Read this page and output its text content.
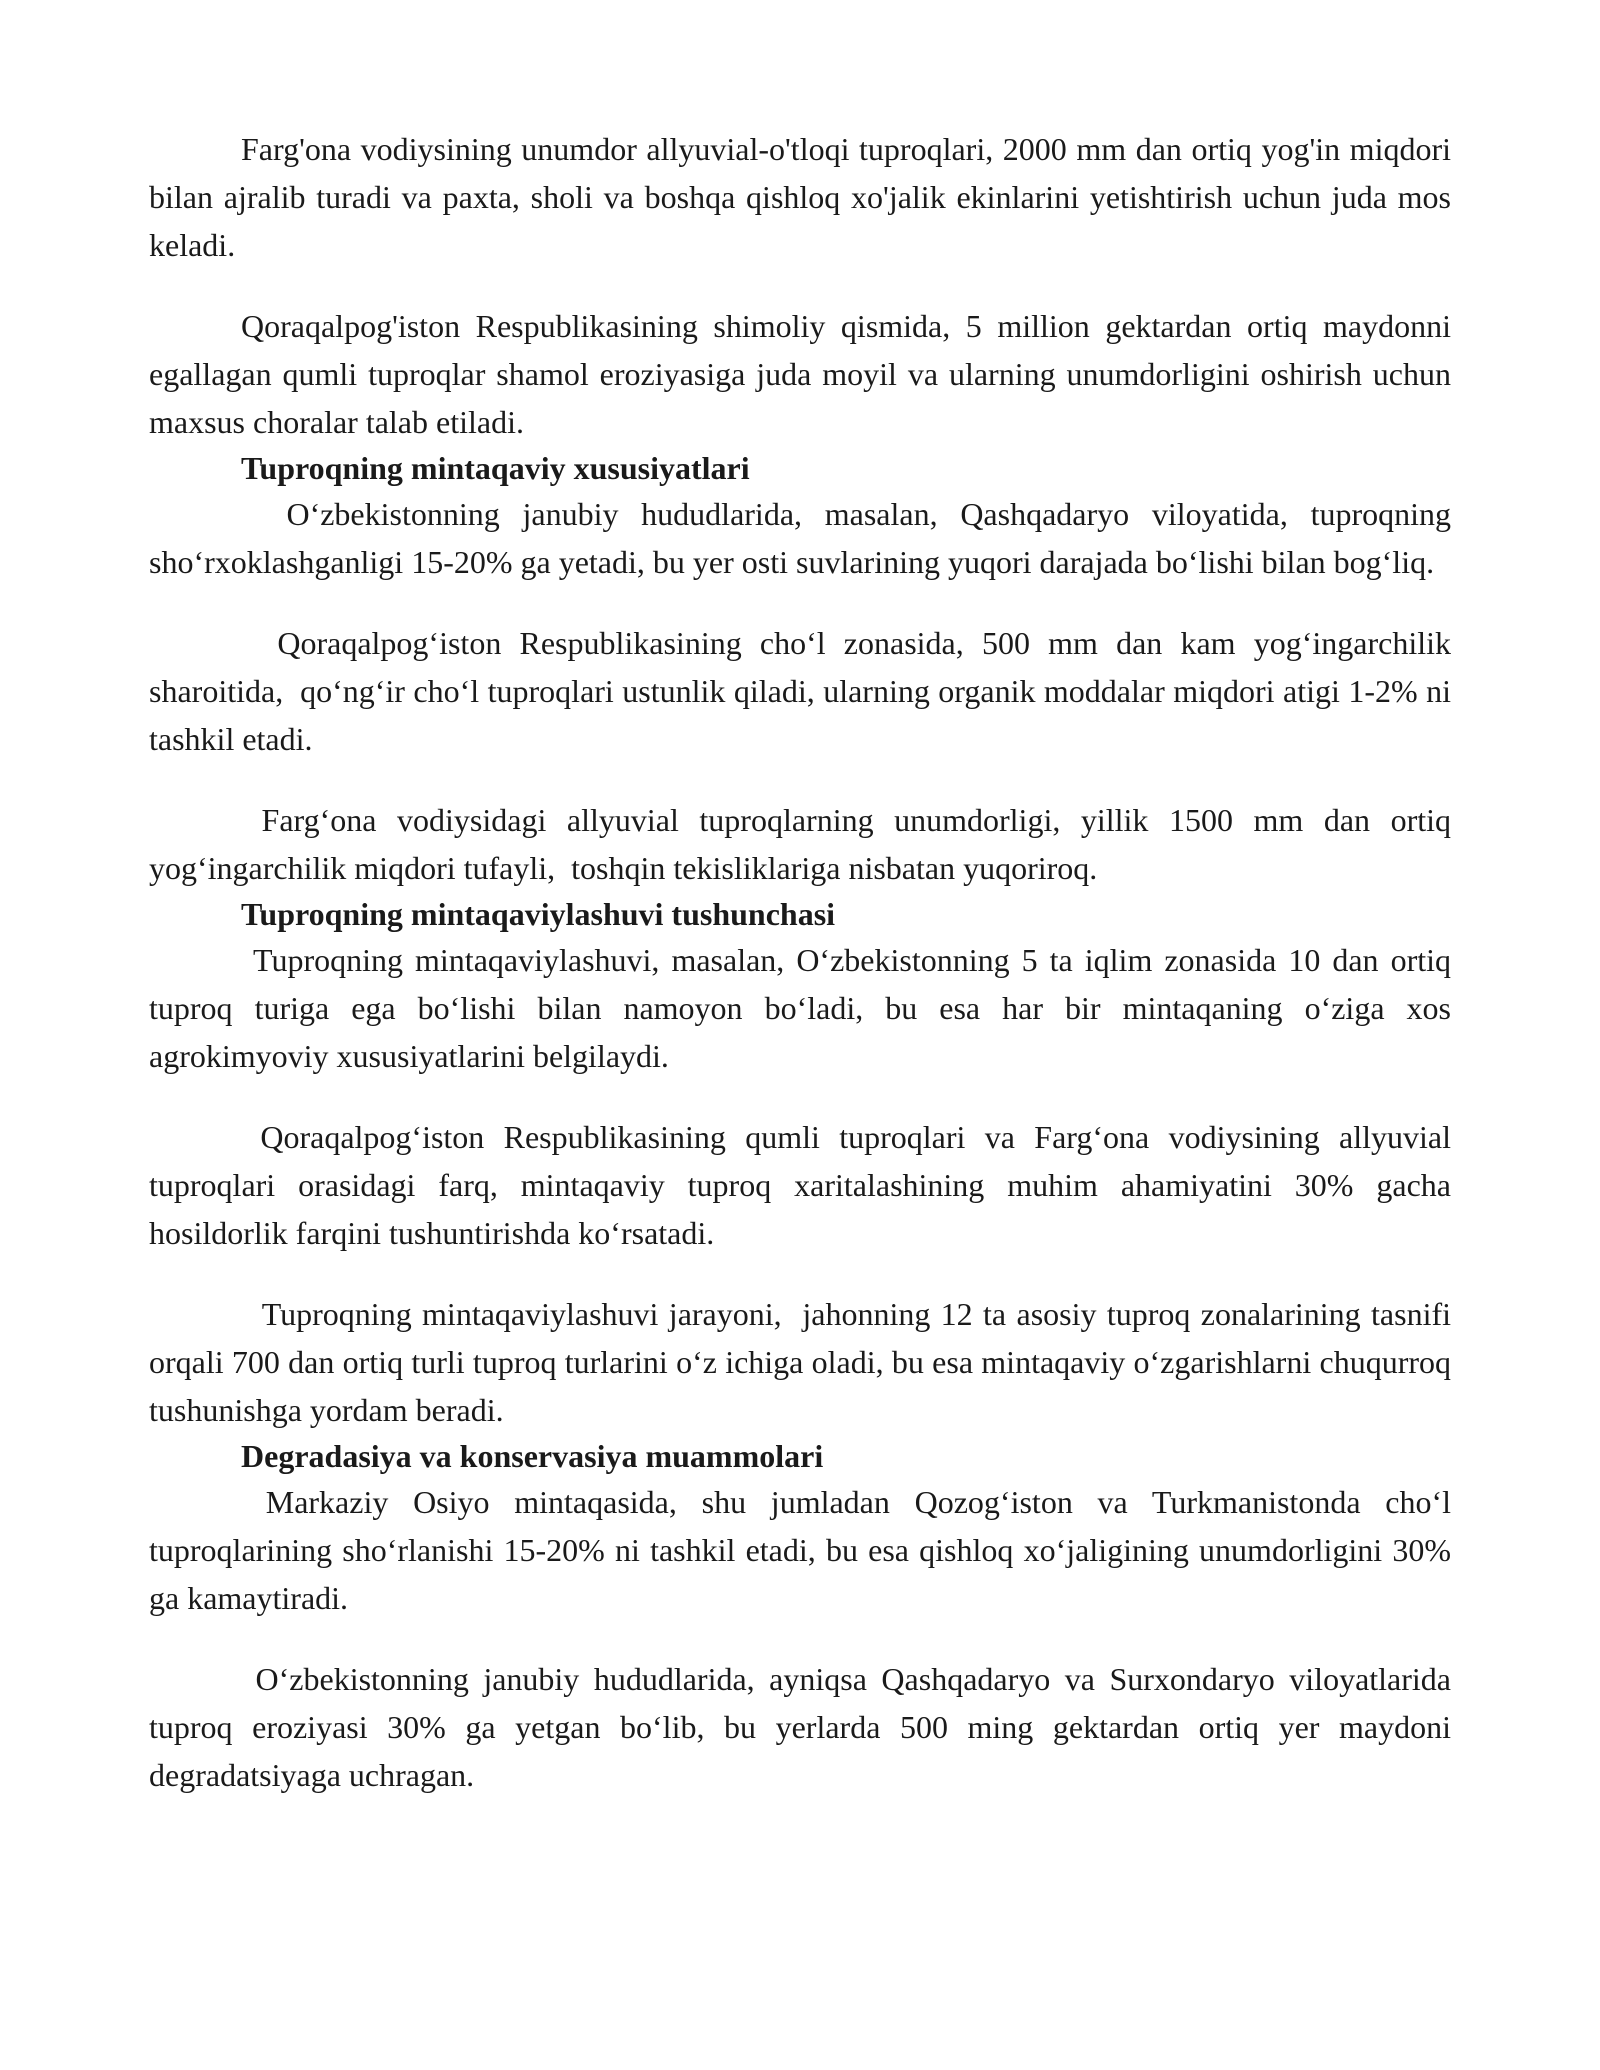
Farg'ona vodiysining unumdor allyuvial-o'tloqi tuproqlari, 2000 mm dan ortiq yog'in miqdori bilan ajralib turadi va paxta, sholi va boshqa qishloq xo'jalik ekinlarini yetishtirish uchun juda mos keladi.

Qoraqalpog'iston Respublikasining shimoliy qismida, 5 million gektardan ortiq maydonni egallagan qumli tuproqlar shamol eroziyasiga juda moyil va ularning unumdorligini oshirish uchun maxsus choralar talab etiladi.

Tuproqning mintaqaviy xususiyatlari

O‘zbekistonning janubiy hududlarida, masalan, Qashqadaryo viloyatida, tuproqning sho‘rxoklashganligi 15-20% ga yetadi, bu yer osti suvlarining yuqori darajada bo‘lishi bilan bog‘liq.

Qoraqalpog‘iston Respublikasining cho‘l zonasida, 500 mm dan kam yog‘ingarchilik sharoitida,  qo‘ng‘ir cho‘l tuproqlari ustunlik qiladi, ularning organik moddalar miqdori atigi 1-2% ni tashkil etadi.

Farg‘ona vodiysidagi allyuvial tuproqlarning unumdorligi, yillik 1500 mm dan ortiq yog‘ingarchilik miqdori tufayli,  toshqin tekisliklariga nisbatan yuqoriroq.

Tuproqning mintaqaviylashuvi tushunchasi

Tuproqning mintaqaviylashuvi, masalan, O‘zbekistonning 5 ta iqlim zonasida 10 dan ortiq tuproq turiga ega bo‘lishi bilan namoyon bo‘ladi, bu esa har bir mintaqaning o‘ziga xos agrokimyoviy xususiyatlarini belgilaydi.

Qoraqalpog‘iston Respublikasining qumli tuproqlari va Farg‘ona vodiysining allyuvial tuproqlari orasidagi farq, mintaqaviy tuproq xaritalashining muhim ahamiyatini 30% gacha hosildorlik farqini tushuntirishda ko‘rsatadi.

Tuproqning mintaqaviylashuvi jarayoni,  jahonning 12 ta asosiy tuproq zonalarining tasnifi orqali 700 dan ortiq turli tuproq turlarini o‘z ichiga oladi, bu esa mintaqaviy o‘zgarishlarni chuqurroq tushunishga yordam beradi.

Degradasiya va konservasiya muammolari

Markaziy Osiyo mintaqasida, shu jumladan Qozog‘iston va Turkmanistonda cho‘l tuproqlarining sho‘rlanishi 15-20% ni tashkil etadi, bu esa qishloq xo‘jaligining unumdorligini 30% ga kamaytiradi.

O‘zbekistonning janubiy hududlarida, ayniqsa Qashqadaryo va Surxondaryo viloyatlarida tuproq eroziyasi 30% ga yetgan bo‘lib, bu yerlarda 500 ming gektardan ortiq yer maydoni degradatsiyaga uchragan.
